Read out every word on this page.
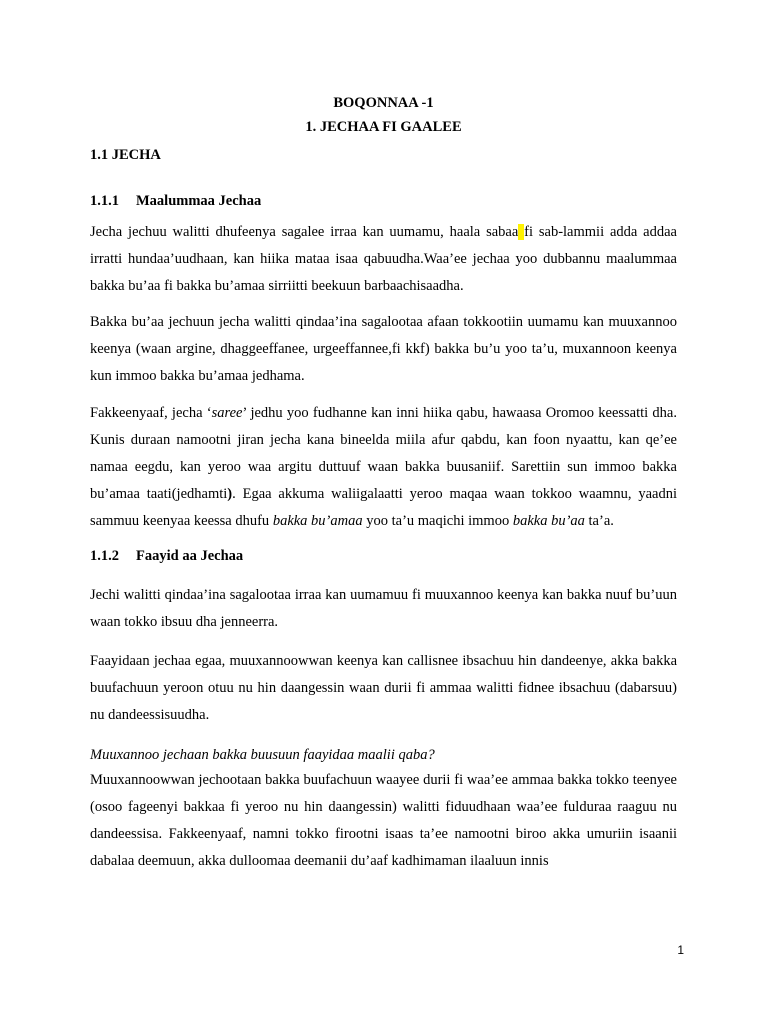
BOQONNAA -1
1. JECHAA FI GAALEE
1.1 JECHA
1.1.1 Maalummaa Jechaa

Jecha jechuu walitti dhufeenya sagalee irraa kan uumamu, haala sabaa fi sab-lammii adda addaa irratti hundaa’uudhaan, kan hiika mataa isaa qabuudha.Waa’ee jechaa yoo dubbannu maalummaa bakka bu’aa fi bakka bu’amaa sirriitti beekuun barbaachisaadha.

Bakka bu’aa jechuun jecha walitti qindaa’ina sagalootaa afaan tokkootiin uumamu kan muuxannoo keenya (waan argine, dhaggeeffanee, urgeeffannee,fi kkf) bakka bu’u yoo ta’u, muxannoon keenya kun immoo bakka bu’amaa jedhama.

Fakkeenyaaf, jecha ‘saree’ jedhu yoo fudhanne kan inni hiika qabu, hawaasa Oromoo keessatti dha. Kunis duraan namootni jiran jecha kana bineelda miila afur qabdu, kan foon nyaattu, kan qe’ee namaa eegdu, kan yeroo waa argitu duttuuf waan bakka buusaniif. Sarettiin sun immoo bakka bu’amaa taati(jedhamti). Egaa akkuma waliigalaatti yeroo maqaa waan tokkoo waamnu, yaadni sammuu keenyaa keessa dhufu bakka bu’amaa yoo ta’u maqichi immoo bakka bu’aa ta’a.

1.1.2 Faayid aa Jechaa

Jechi walitti qindaa’ina sagalootaa irraa kan uumamuu fi muuxannoo keenya kan bakka nuuf bu’uun waan tokko ibsuu dha jenneerra.

Faayidaan jechaa egaa, muuxannoowwan keenya kan callisnee ibsachuu hin dandeenye, akka bakka buufachuun yeroon otuu nu hin daangessin waan durii fi ammaa walitti fidnee ibsachuu (dabarsuu) nu dandeessisuudha.

Muuxannoo jechaan bakka buusuun faayidaa maalii qaba?

Muuxannoowwan jechootaan bakka buufachuun waayee durii fi waa’ee ammaa bakka tokko teenyee (osoo fageenyi bakkaa fi yeroo nu hin daangessin) walitti fiduudhaan waa’ee fulduraa raaguu nu dandeessisa. Fakkeenyaaf, namni tokko firootni isaas ta’ee namootni biroo akka umuriin isaanii dabalaa deemuun, akka dulloomaa deemanii du’aaf kadhimaman ilaaluun innis

1
